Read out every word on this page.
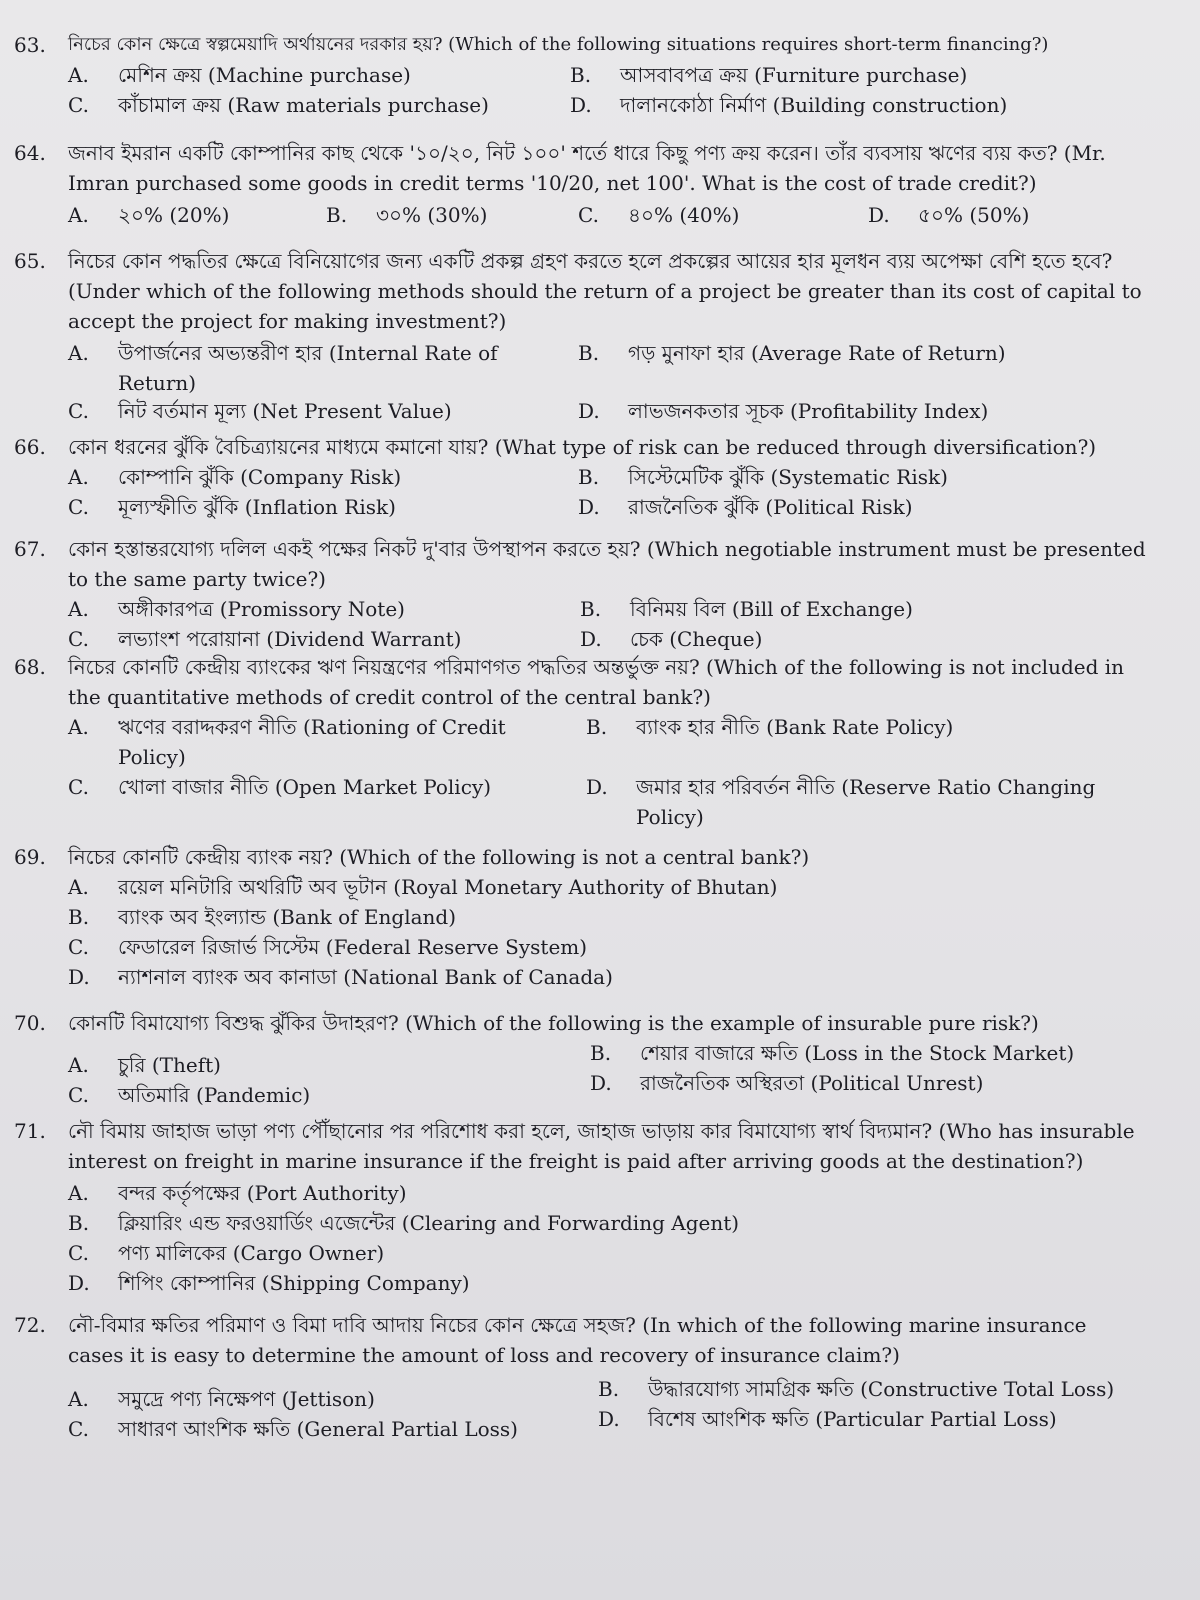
63. নিচের কোন ক্ষেত্রে স্বল্পমেয়াদি অর্থায়নের দরকার হয়? (Which of the following situations requires short-term financing?)
A.	মেশিন ক্রয় (Machine purchase)	B.	আসবাবপত্র ক্রয় (Furniture purchase)
C.	কাঁচামাল ক্রয় (Raw materials purchase)	D.	দালানকোঠা নির্মাণ (Building construction)
64. জনাব ইমরান একটি কোম্পানির কাছ থেকে '১০/২০, নিট ১০০' শর্তে ধারে কিছু পণ্য ক্রয় করেন। তাঁর ব্যবসায় ঋণের ব্যয় কত? (Mr. Imran purchased some goods in credit terms '10/20, net 100'. What is the cost of trade credit?)
A.	২০% (20%)	B.	৩০% (30%)	C.	৪০% (40%)	D.	৫০% (50%)
65. নিচের কোন পদ্ধতির ক্ষেত্রে বিনিয়োগের জন্য একটি প্রকল্প গ্রহণ করতে হলে প্রকল্পের আয়ের হার মূলধন ব্যয় অপেক্ষা বেশি হতে হবে? (Under which of the following methods should the return of a project be greater than its cost of capital to accept the project for making investment?)
A.	উপার্জনের অভ্যন্তরীণ হার (Internal Rate of Return)
B.	গড় মুনাফা হার (Average Rate of Return)
C.	নিট বর্তমান মূল্য (Net Present Value)	D.	লাভজনকতার সূচক (Profitability Index)
66. কোন ধরনের ঝুঁকি বৈচিত্র্যায়নের মাধ্যমে কমানো যায়? (What type of risk can be reduced through diversification?)
A.	কোম্পানি ঝুঁকি (Company Risk)	B.	সিস্টেমেটিক ঝুঁকি (Systematic Risk)
C.	মূল্যস্ফীতি ঝুঁকি (Inflation Risk)	D.	রাজনৈতিক ঝুঁকি (Political Risk)
67. কোন হস্তান্তরযোগ্য দলিল একই পক্ষের নিকট দু'বার উপস্থাপন করতে হয়? (Which negotiable instrument must be presented to the same party twice?)
A.	অঙ্গীকারপত্র (Promissory Note)	B.	বিনিময় বিল (Bill of Exchange)
C.	লভ্যাংশ পরোয়ানা (Dividend Warrant)	D.	চেক (Cheque)
68. নিচের কোনটি কেন্দ্রীয় ব্যাংকের ঋণ নিয়ন্ত্রণের পরিমাণগত পদ্ধতির অন্তর্ভুক্ত নয়? (Which of the following is not included in the quantitative methods of credit control of the central bank?)
A.	ঋণের বরাদ্দকরণ নীতি (Rationing of Credit Policy)
B.	ব্যাংক হার নীতি (Bank Rate Policy)
C.	খোলা বাজার নীতি (Open Market Policy)	D.	জমার হার পরিবর্তন নীতি (Reserve Ratio Changing Policy)
69. নিচের কোনটি কেন্দ্রীয় ব্যাংক নয়? (Which of the following is not a central bank?)
A.	রয়েল মনিটারি অথরিটি অব ভূটান (Royal Monetary Authority of Bhutan)
B.	ব্যাংক অব ইংল্যান্ড (Bank of England)
C.	ফেডারেল রিজার্ভ সিস্টেম (Federal Reserve System)
D.	ন্যাশনাল ব্যাংক অব কানাডা (National Bank of Canada)
70. কোনটি বিমাযোগ্য বিশুদ্ধ ঝুঁকির উদাহরণ? (Which of the following is the example of insurable pure risk?)
A.	চুরি (Theft)	B.	শেয়ার বাজারে ক্ষতি (Loss in the Stock Market)
C.	অতিমারি (Pandemic)	D.	রাজনৈতিক অস্থিরতা (Political Unrest)
71. নৌ বিমায় জাহাজ ভাড়া পণ্য পৌঁছানোর পর পরিশোধ করা হলে, জাহাজ ভাড়ায় কার বিমাযোগ্য স্বার্থ বিদ্যমান? (Who has insurable interest on freight in marine insurance if the freight is paid after arriving goods at the destination?)
A.	বন্দর কর্তৃপক্ষের (Port Authority)
B.	ক্লিয়ারিং এন্ড ফরওয়ার্ডিং এজেন্টের (Clearing and Forwarding Agent)
C.	পণ্য মালিকের (Cargo Owner)
D.	শিপিং কোম্পানির (Shipping Company)
72. নৌ-বিমার ক্ষতির পরিমাণ ও বিমা দাবি আদায় নিচের কোন ক্ষেত্রে সহজ? (In which of the following marine insurance cases it is easy to determine the amount of loss and recovery of insurance claim?)
A.	সমুদ্রে পণ্য নিক্ষেপণ (Jettison)	B.	উদ্ধারযোগ্য সামগ্রিক ক্ষতি (Constructive Total Loss)
C.	সাধারণ আংশিক ক্ষতি (General Partial Loss)	D.	বিশেষ আংশিক ক্ষতি (Particular Partial Loss)
